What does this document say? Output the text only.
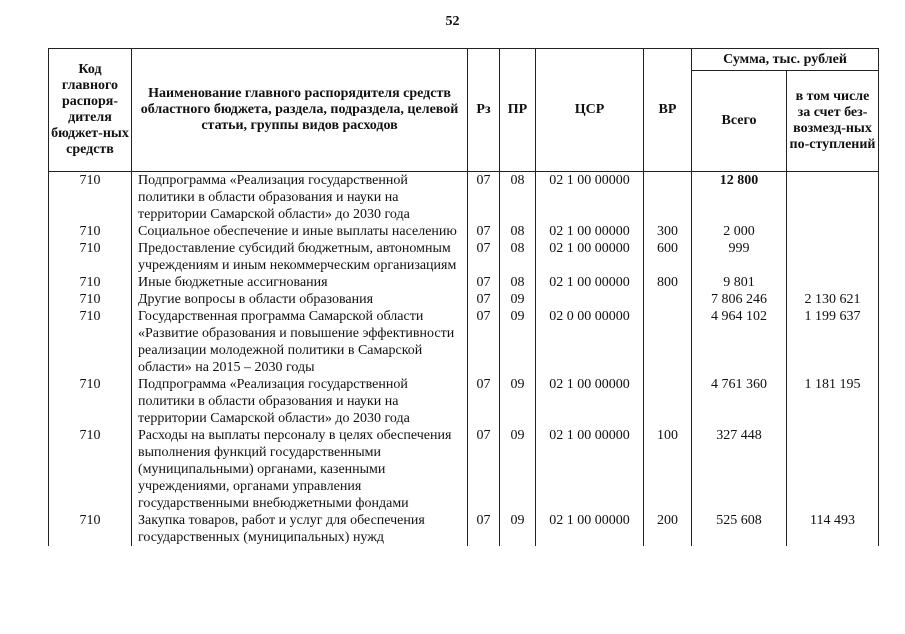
52
Код главного распоря-дителя бюджет-ных средств	Наименование главного распорядителя средств областного бюджета, раздела, подраздела, целевой статьи, группы видов расходов	Рз	ПР	ЦСР	ВР	Сумма, тыс. рублей	
						Всего	в том числе за счет без-возмезд-ных по-ступлений
710	Подпрограмма «Реализация государственной политики в области образования и науки на территории Самарской области» до 2030 года	07	08	02 1 00 00000		12 800	
710	Социальное обеспечение и иные выплаты населению	07	08	02 1 00 00000	300	2 000	
710	Предоставление субсидий бюджетным, автономным учреждениям и иным некоммерческим организациям	07	08	02 1 00 00000	600	999	
710	Иные бюджетные ассигнования	07	08	02 1 00 00000	800	9 801	
710	Другие вопросы в области образования	07	09			7 806 246	2 130 621
710	Государственная программа Самарской области «Развитие образования и повышение эффективности реализации молодежной политики в Самарской области» на 2015 – 2030 годы	07	09	02 0 00 00000		4 964 102	1 199 637
710	Подпрограмма «Реализация государственной политики в области образования и науки на территории Самарской области» до 2030 года	07	09	02 1 00 00000		4 761 360	1 181 195
710	Расходы на выплаты персоналу в целях обеспечения выполнения функций государственными (муниципальными) органами, казенными учреждениями, органами управления государственными внебюджетными фондами	07	09	02 1 00 00000	100	327 448	
710	Закупка товаров, работ и услуг для обеспечения государственных (муниципальных) нужд	07	09	02 1 00 00000	200	525 608	114 493
